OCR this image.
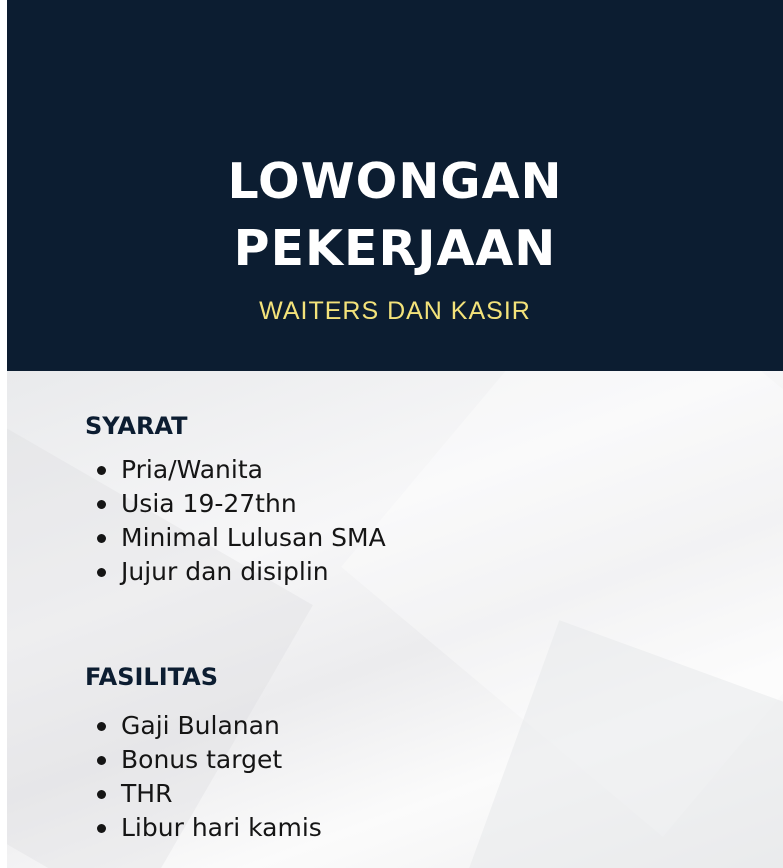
LOWONGAN
PEKERJAAN
WAITERS DAN KASIR
SYARAT
Pria/Wanita
Usia 19-27thn
Minimal Lulusan SMA
Jujur dan disiplin
FASILITAS
Gaji Bulanan
Bonus target
THR
Libur hari kamis
